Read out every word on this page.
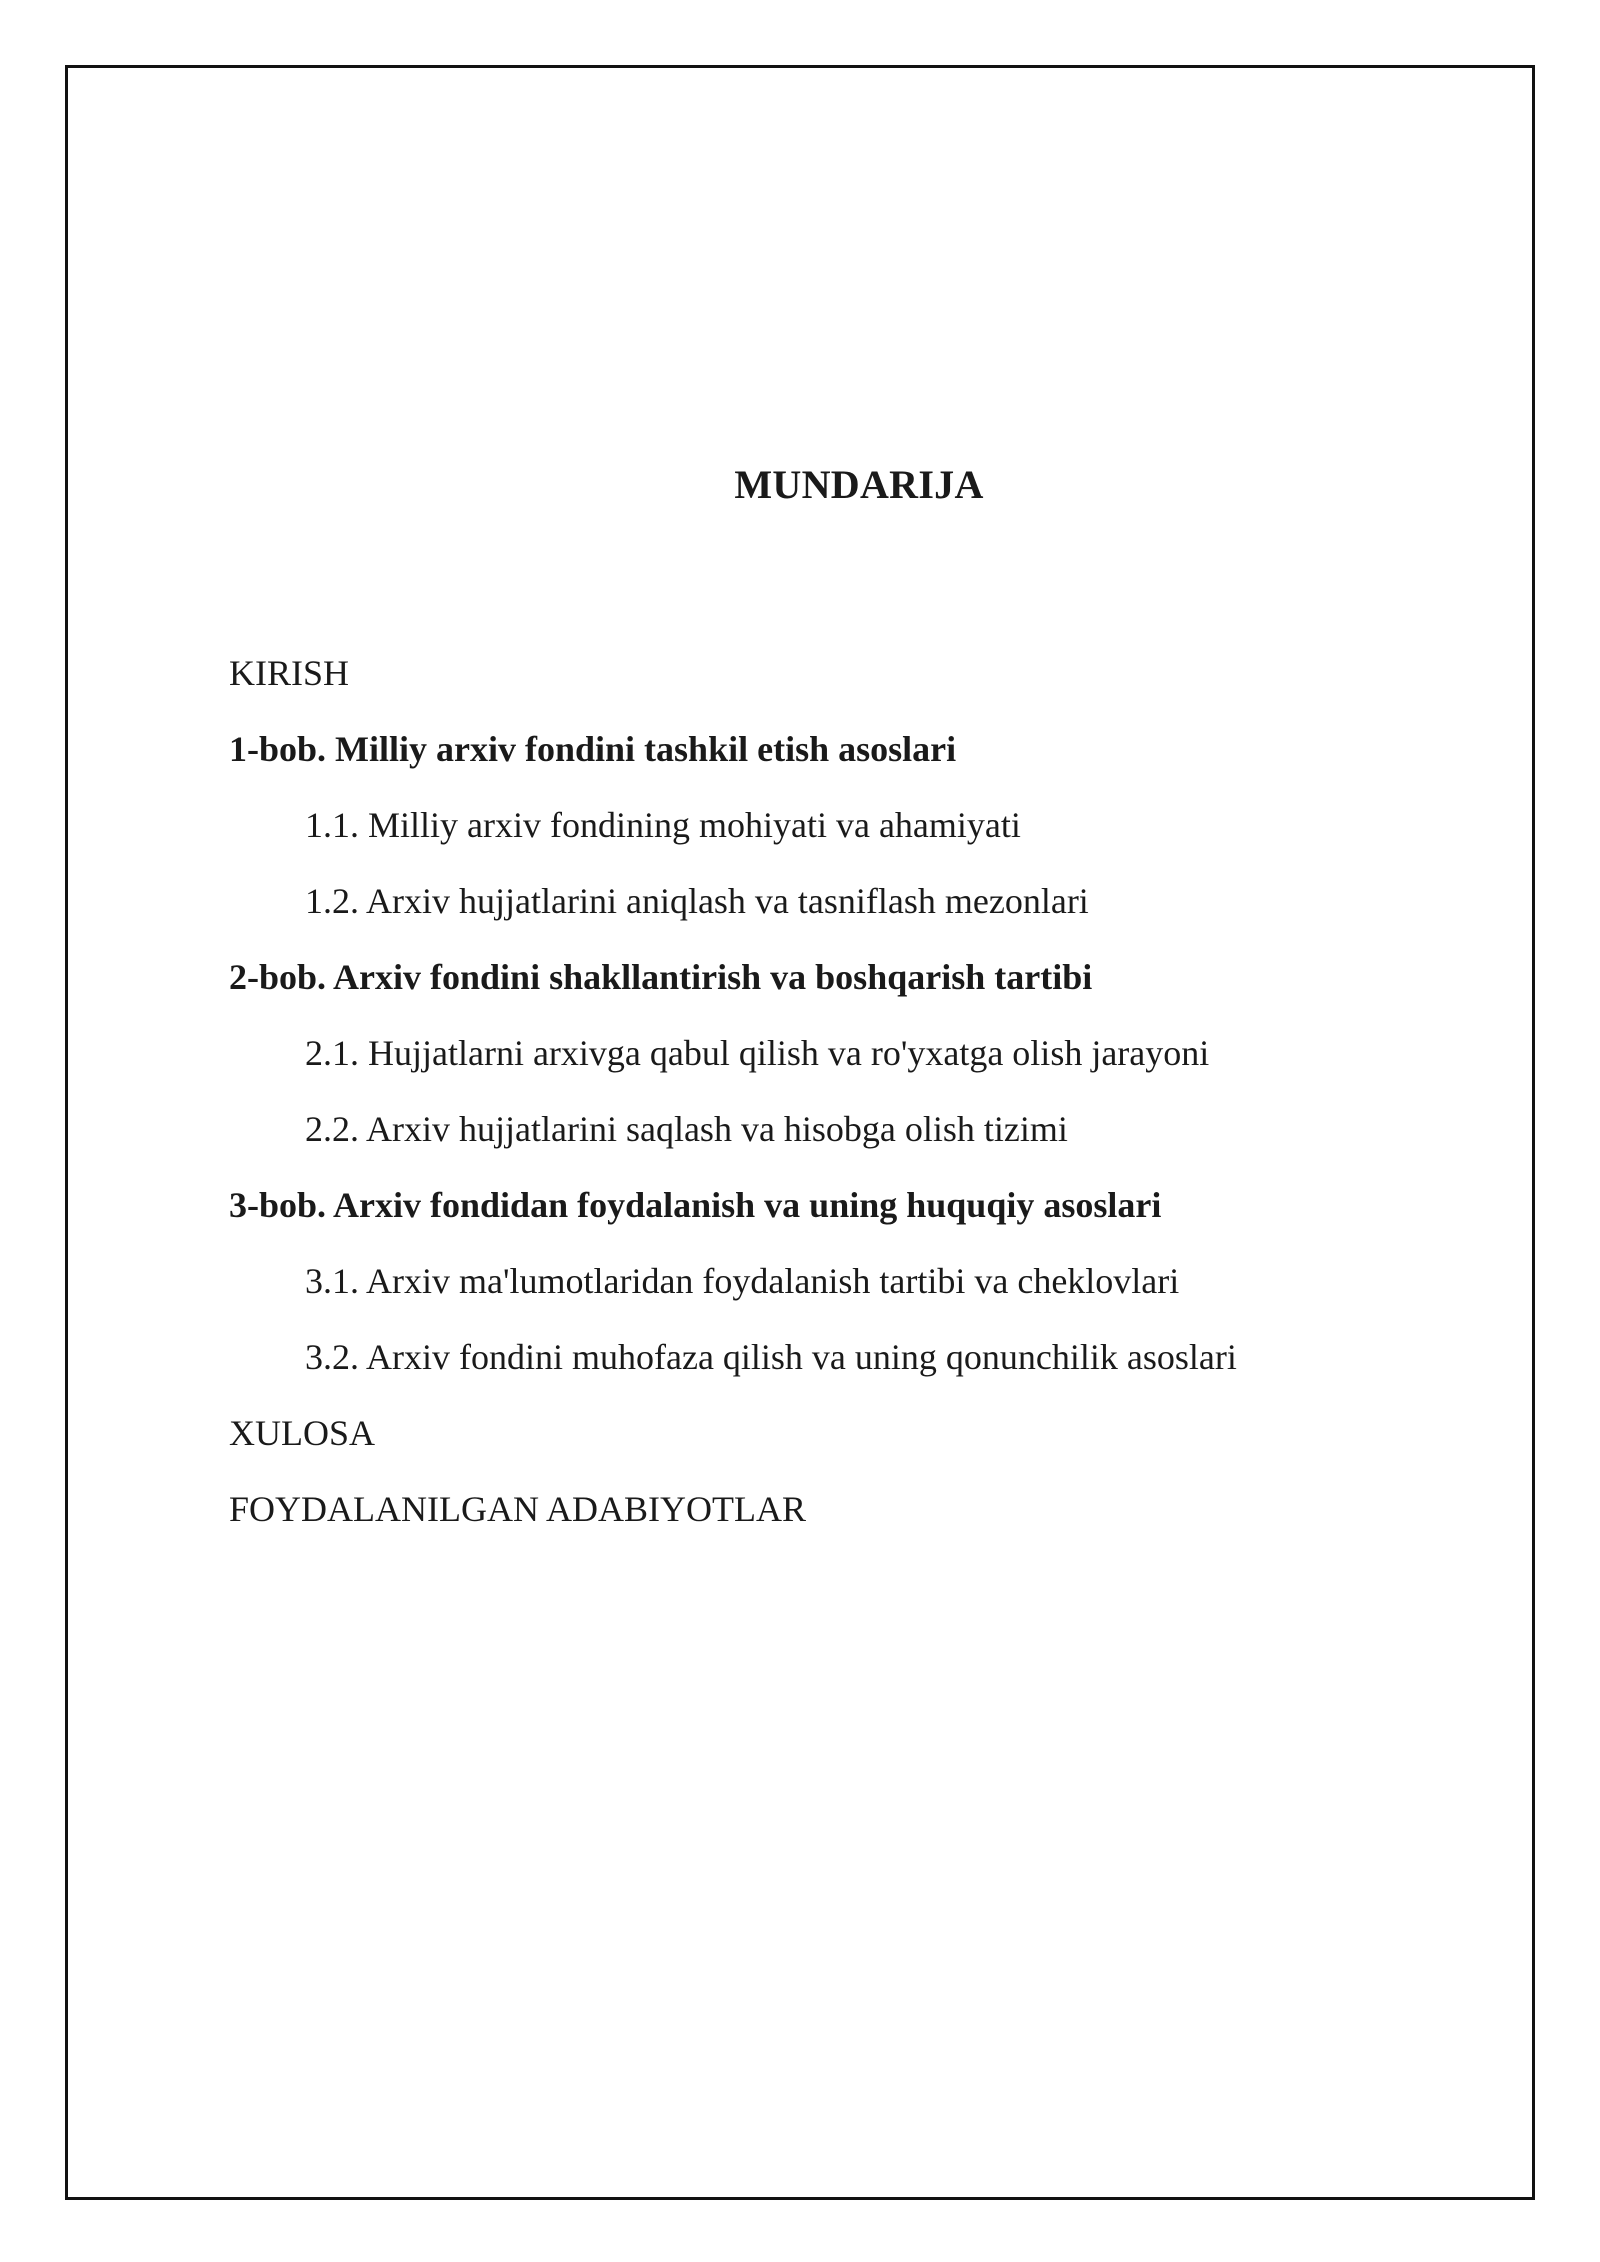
MUNDARIJA
KIRISH
1-bob. Milliy arxiv fondini tashkil etish asoslari
1.1. Milliy arxiv fondining mohiyati va ahamiyati
1.2. Arxiv hujjatlarini aniqlash va tasniflash mezonlari
2-bob. Arxiv fondini shakllantirish va boshqarish tartibi
2.1. Hujjatlarni arxivga qabul qilish va ro'yxatga olish jarayoni
2.2. Arxiv hujjatlarini saqlash va hisobga olish tizimi
3-bob. Arxiv fondidan foydalanish va uning huquqiy asoslari
3.1. Arxiv ma'lumotlaridan foydalanish tartibi va cheklovlari
3.2. Arxiv fondini muhofaza qilish va uning qonunchilik asoslari
XULOSA
FOYDALANILGAN ADABIYOTLAR
